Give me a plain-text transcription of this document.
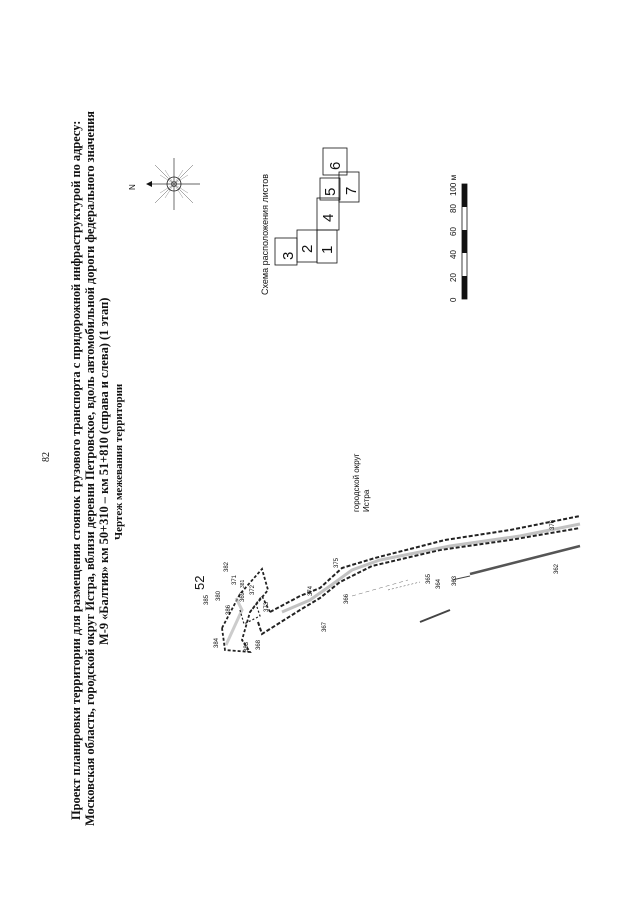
82 Проект планировки территории для размещения стоянок грузового транспорта с придорожной инфраструктурой по адресу: Московская область, городской округ Истра, вблизи деревни Петровское, вдоль автомобильной дороги федерального значения М-9 «Балтия» км 50+310 – км 51+810 (справа и слева) (1 этап) Чертеж межевания территории
N	Схема расположения листов 3
2 1
4
5 7
6
0
20
40
60
80
100 м
городской округ Истра
52
384
385 380
382
386
369
371
372
383 368
373
367
374
366
375
365 364 363
376
362
381
